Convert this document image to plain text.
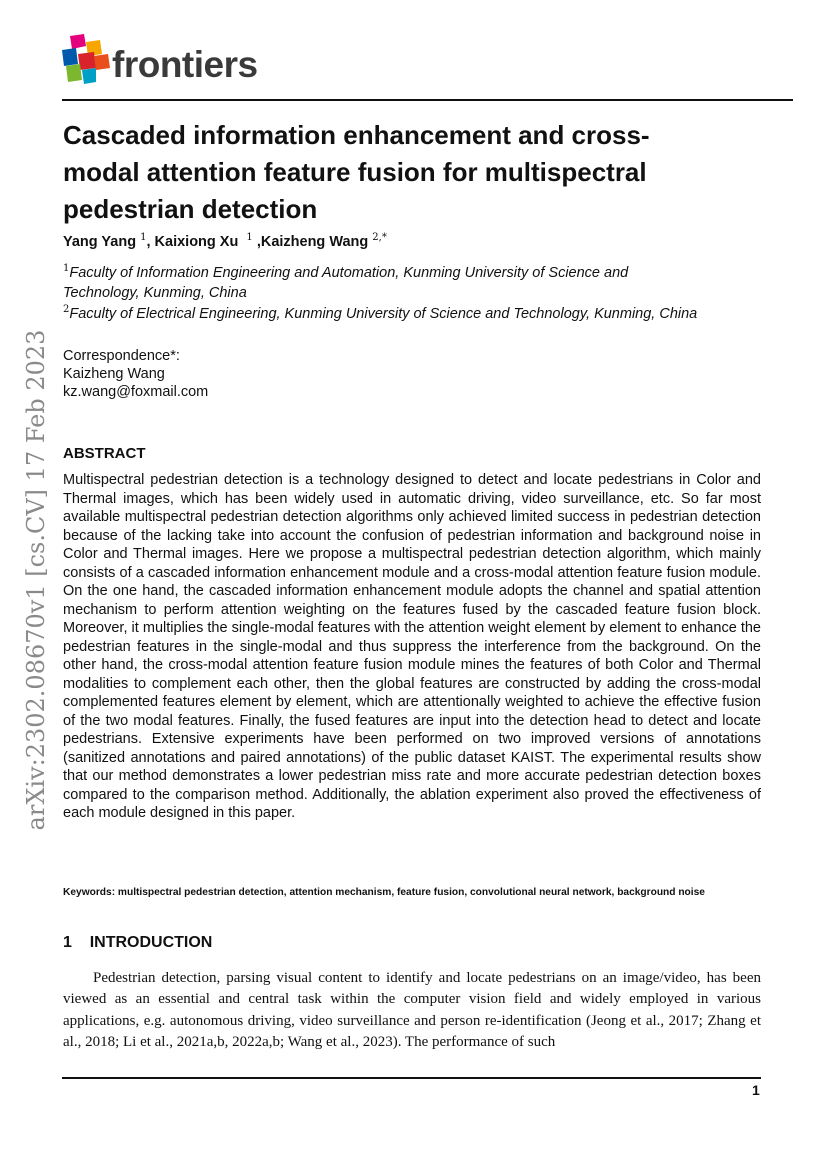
frontiers
arXiv:2302.08670v1 [cs.CV] 17 Feb 2023
Cascaded information enhancement and cross-modal attention feature fusion for multispectral pedestrian detection
Yang Yang $^1$, Kaixiong Xu $^1$ ,Kaizheng Wang $^{2,*}$
$^1$Faculty of Information Engineering and Automation, Kunming University of Science and Technology, Kunming, China
$^2$Faculty of Electrical Engineering, Kunming University of Science and Technology, Kunming, China
Correspondence*:
Kaizheng Wang
kz.wang@foxmail.com
ABSTRACT

Multispectral pedestrian detection is a technology designed to detect and locate pedestrians in Color and Thermal images, which has been widely used in automatic driving, video surveillance, etc. So far most available multispectral pedestrian detection algorithms only achieved limited success in pedestrian detection because of the lacking take into account the confusion of pedestrian information and background noise in Color and Thermal images. Here we propose a multispectral pedestrian detection algorithm, which mainly consists of a cascaded information enhancement module and a cross-modal attention feature fusion module. On the one hand, the cascaded information enhancement module adopts the channel and spatial attention mechanism to perform attention weighting on the features fused by the cascaded feature fusion block. Moreover, it multiplies the single-modal features with the attention weight element by element to enhance the pedestrian features in the single-modal and thus suppress the interference from the background. On the other hand, the cross-modal attention feature fusion module mines the features of both Color and Thermal modalities to complement each other, then the global features are constructed by adding the cross-modal complemented features element by element, which are attentionally weighted to achieve the effective fusion of the two modal features. Finally, the fused features are input into the detection head to detect and locate pedestrians. Extensive experiments have been performed on two improved versions of annotations (sanitized annotations and paired annotations) of the public dataset KAIST. The experimental results show that our method demonstrates a lower pedestrian miss rate and more accurate pedestrian detection boxes compared to the comparison method. Additionally, the ablation experiment also proved the effectiveness of each module designed in this paper.

Keywords: multispectral pedestrian detection, attention mechanism, feature fusion, convolutional neural network, background noise
1 INTRODUCTION

Pedestrian detection, parsing visual content to identify and locate pedestrians on an image/video, has been viewed as an essential and central task within the computer vision field and widely employed in various applications, e.g. autonomous driving, video surveillance and person re-identification (Jeong et al., 2017; Zhang et al., 2018; Li et al., 2021a,b, 2022a,b; Wang et al., 2023). The performance of such

1
